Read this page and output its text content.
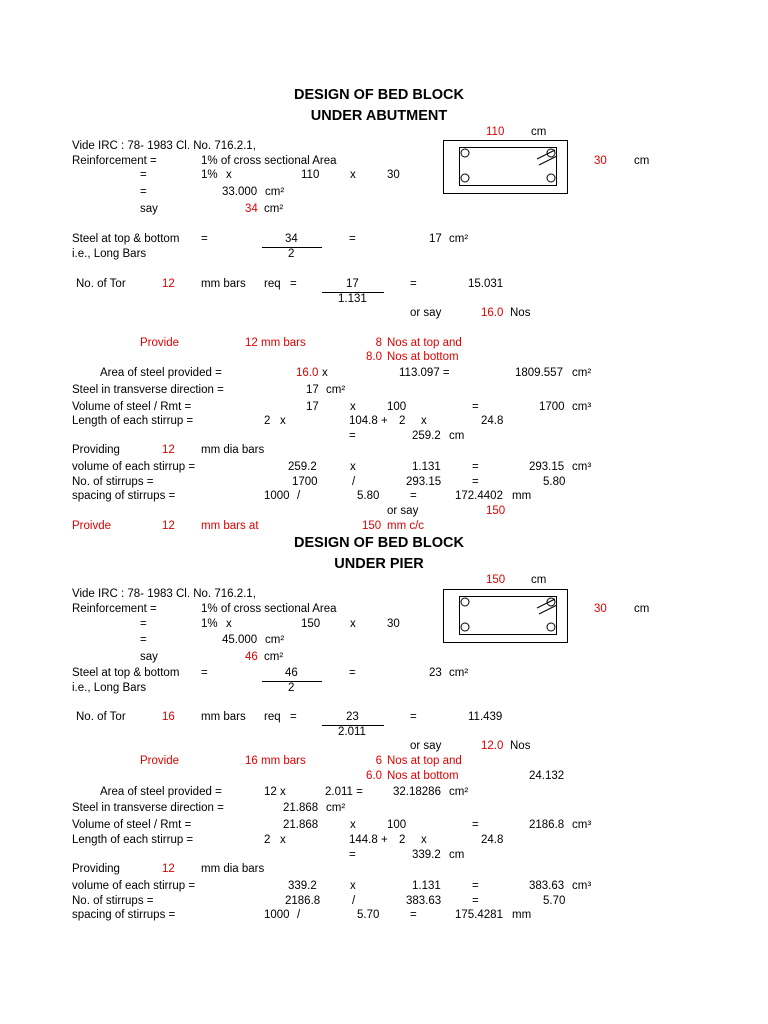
DESIGN OF BED BLOCK
UNDER ABUTMENT
110 cm
Vide IRC : 78- 1983 Cl. No. 716.2.1,
Reinforcement =	1% of cross sectional Area	30 cm
=	1% x	110	x	30
=	33.000 cm²
say	34 cm²
Steel at top & bottom =	34	=	17 cm²
i.e., Long Bars	2
No. of Tor	12 mm bars req =	17	=	15.031
1.131
or say	16.0 Nos
Provide	12 mm bars	8 Nos at top and
8.0 Nos at bottom
Area of steel provided =	16.0 x	113.097 =	1809.557 cm²
Steel in transverse direction =	17 cm²
Volume of steel / Rmt =	17	x	100	=	1700 cm³
Length of each stirrup =	2 x	104.8 + 2 x	24.8
=	259.2 cm
Providing	12 mm dia bars
volume of each stirrup =	259.2	x	1.131	=	293.15 cm³
No. of stirrups =	1700	/	293.15	=	5.80
spacing of stirrups =	1000 /	5.80	=	172.4402 mm
or say	150
Proivde	12 mm bars at	150 mm c/c
DESIGN OF BED BLOCK
UNDER PIER
150 cm
Vide IRC : 78- 1983 Cl. No. 716.2.1,
Reinforcement =	1% of cross sectional Area	30 cm
=	1% x	150	x	30
=	45.000 cm²
say	46 cm²
Steel at top & bottom =	46	=	23 cm²
i.e., Long Bars	2
No. of Tor	16 mm bars req =	23	=	11.439
2.011
or say	12.0 Nos
Provide	16 mm bars	6 Nos at top and
6.0 Nos at bottom	24.132
Area of steel provided =	12 x	2.011 =	32.18286 cm²
Steel in transverse direction =	21.868 cm²
Volume of steel / Rmt =	21.868	x	100	=	2186.8 cm³
Length of each stirrup =	2 x	144.8 + 2 x	24.8
=	339.2 cm
Providing	12 mm dia bars
volume of each stirrup =	339.2	x	1.131	=	383.63 cm³
No. of stirrups =	2186.8	/	383.63	=	5.70
spacing of stirrups =	1000 /	5.70	=	175.4281 mm
